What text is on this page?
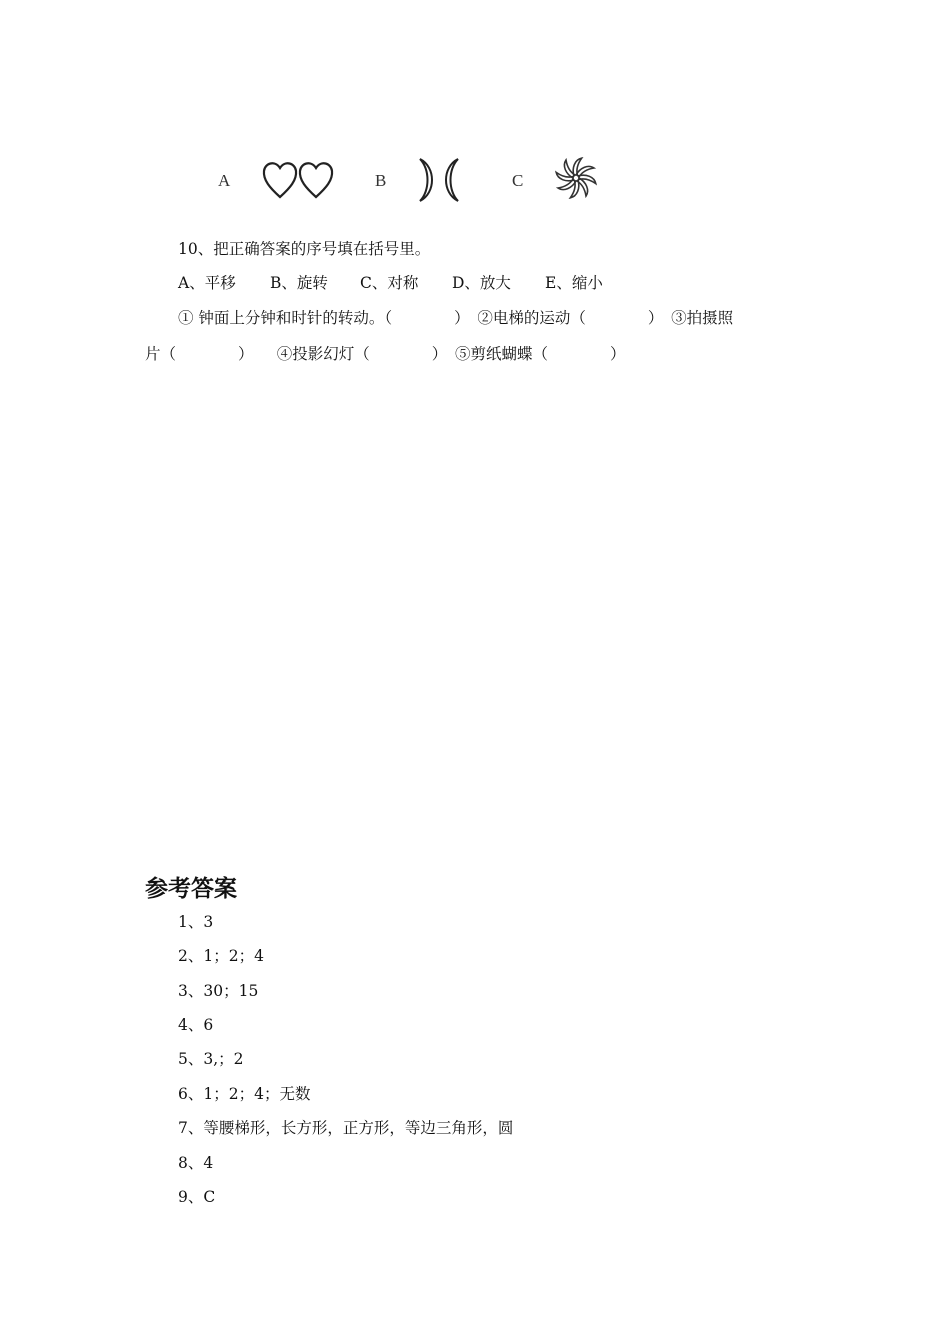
A	B	C
10、把正确答案的序号填在括号里。
A、平移 B、旋转 C、对称 D、放大 E、缩小
① 钟面上分钟和时针的转动。（　　　　）　②电梯的运动（　　　　）　③拍摄照
片（　　　　）　　④投影幻灯（　　　　）　⑤剪纸蝴蝶（　　　　）
参考答案
1、3
2、1；2；4
3、30；15
4、6
5、3,；2
6、1；2；4；无数
7、等腰梯形，长方形，正方形，等边三角形，圆
8、4
9、C
